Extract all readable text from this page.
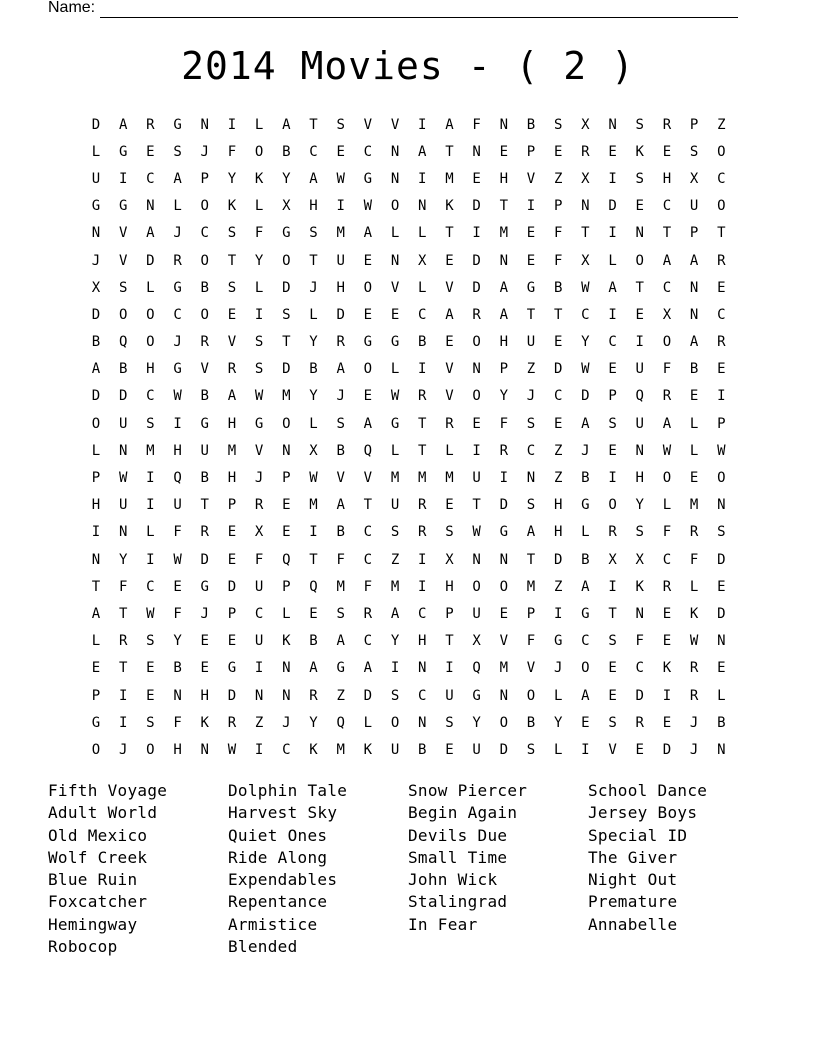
Name:
2014 Movies - ( 2 )
D	A	R	G	N	I	L	A	T	S	V	V	I	A	F	N	B	S	X	N	S	R	P	Z
L	G	E	S	J	F	O	B	C	E	C	N	A	T	N	E	P	E	R	E	K	E	S	O
U	I	C	A	P	Y	K	Y	A	W	G	N	I	M	E	H	V	Z	X	I	S	H	X	C
G	G	N	L	O	K	L	X	H	I	W	O	N	K	D	T	I	P	N	D	E	C	U	O
N	V	A	J	C	S	F	G	S	M	A	L	L	T	I	M	E	F	T	I	N	T	P	T
J	V	D	R	O	T	Y	O	T	U	E	N	X	E	D	N	E	F	X	L	O	A	A	R
X	S	L	G	B	S	L	D	J	H	O	V	L	V	D	A	G	B	W	A	T	C	N	E
D	O	O	C	O	E	I	S	L	D	E	E	C	A	R	A	T	T	C	I	E	X	N	C
B	Q	O	J	R	V	S	T	Y	R	G	G	B	E	O	H	U	E	Y	C	I	O	A	R
A	B	H	G	V	R	S	D	B	A	O	L	I	V	N	P	Z	D	W	E	U	F	B	E
D	D	C	W	B	A	W	M	Y	J	E	W	R	V	O	Y	J	C	D	P	Q	R	E	I
O	U	S	I	G	H	G	O	L	S	A	G	T	R	E	F	S	E	A	S	U	A	L	P
L	N	M	H	U	M	V	N	X	B	Q	L	T	L	I	R	C	Z	J	E	N	W	L	W
P	W	I	Q	B	H	J	P	W	V	V	M	M	M	U	I	N	Z	B	I	H	O	E	O
H	U	I	U	T	P	R	E	M	A	T	U	R	E	T	D	S	H	G	O	Y	L	M	N
I	N	L	F	R	E	X	E	I	B	C	S	R	S	W	G	A	H	L	R	S	F	R	S
N	Y	I	W	D	E	F	Q	T	F	C	Z	I	X	N	N	T	D	B	X	X	C	F	D
T	F	C	E	G	D	U	P	Q	M	F	M	I	H	O	O	M	Z	A	I	K	R	L	E
A	T	W	F	J	P	C	L	E	S	R	A	C	P	U	E	P	I	G	T	N	E	K	D
L	R	S	Y	E	E	U	K	B	A	C	Y	H	T	X	V	F	G	C	S	F	E	W	N
E	T	E	B	E	G	I	N	A	G	A	I	N	I	Q	M	V	J	O	E	C	K	R	E
P	I	E	N	H	D	N	N	R	Z	D	S	C	U	G	N	O	L	A	E	D	I	R	L
G	I	S	F	K	R	Z	J	Y	Q	L	O	N	S	Y	O	B	Y	E	S	R	E	J	B
O	J	O	H	N	W	I	C	K	M	K	U	B	E	U	D	S	L	I	V	E	D	J	N
Fifth Voyage
Adult World
Old Mexico
Wolf Creek
Blue Ruin
Foxcatcher
Hemingway
Robocop
Dolphin Tale
Harvest Sky
Quiet Ones
Ride Along
Expendables
Repentance
Armistice
Blended
Snow Piercer
Begin Again
Devils Due
Small Time
John Wick
Stalingrad
In Fear
School Dance
Jersey Boys
Special ID
The Giver
Night Out
Premature
Annabelle
